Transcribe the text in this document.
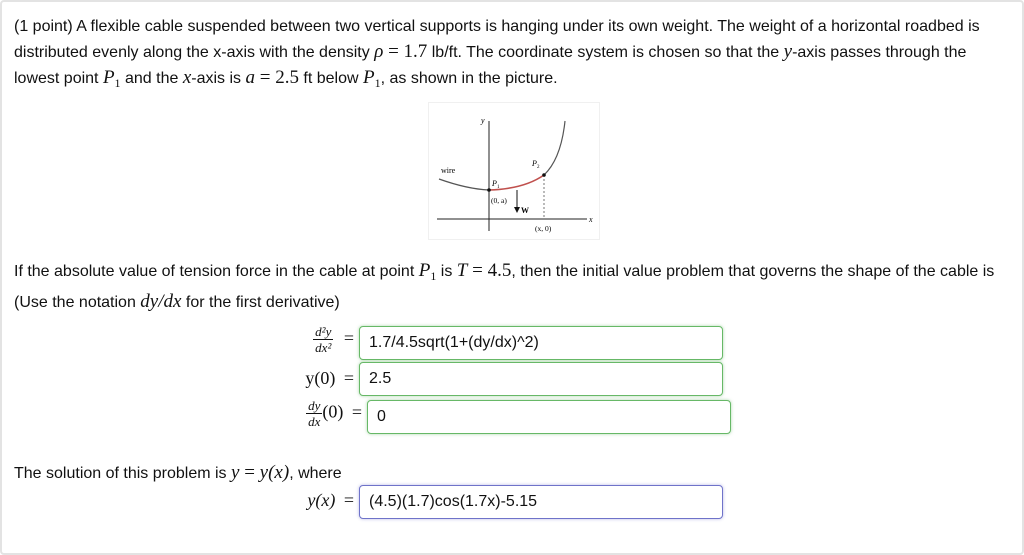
(1 point) A flexible cable suspended between two vertical supports is hanging under its own weight. The weight of a horizontal roadbed is distributed evenly along the x-axis with the density ρ = 1.7 lb/ft. The coordinate system is chosen so that the y-axis passes through the lowest point $P_1$ and the x-axis is a = 2.5 ft below $P_1$, as shown in the picture.

y
x
wire
P 1
P 2
(0, a)
W
(x, 0)

If the absolute value of tension force in the cable at point $P_1$ is T = 4.5, then the initial value problem that governs the shape of the cable is (Use the notation dy/dx for the first derivative)

$\frac{\text{d²y}}{\text{dx²}}$ = 1.7/4.5sqrt(1+(dy/dx)^2)
y(0) = 2.5
$\frac{dy}{dx} (0) = 0$

The solution of this problem is y = y(x), where

y(x) = (4.5)(1.7)cos(1.7x)-5.15
